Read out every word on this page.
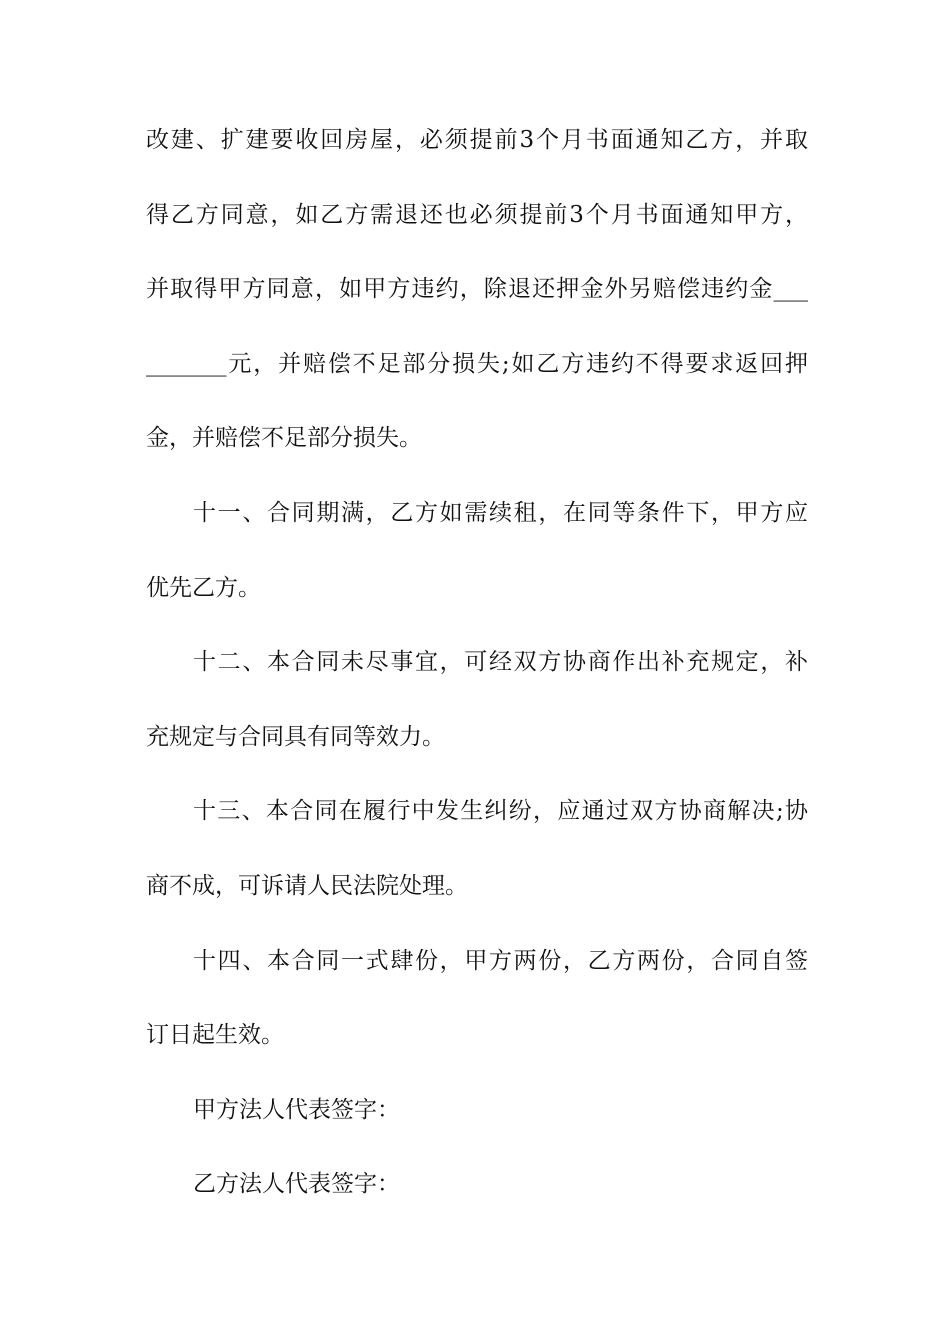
改建、扩建要收回房屋，必须提前3个月书面通知乙方，并取
得乙方同意，如乙方需退还也必须提前3个月书面通知甲方，
并取得甲方同意，如甲方违约，除退还押金外另赔偿违约金___
_______元，并赔偿不足部分损失;如乙方违约不得要求返回押
金，并赔偿不足部分损失。
十一、合同期满，乙方如需续租，在同等条件下，甲方应
优先乙方。
十二、本合同未尽事宜，可经双方协商作出补充规定，补
充规定与合同具有同等效力。
十三、本合同在履行中发生纠纷，应通过双方协商解决;协
商不成，可诉请人民法院处理。
十四、本合同一式肆份，甲方两份，乙方两份，合同自签
订日起生效。
甲方法人代表签字：
乙方法人代表签字：
